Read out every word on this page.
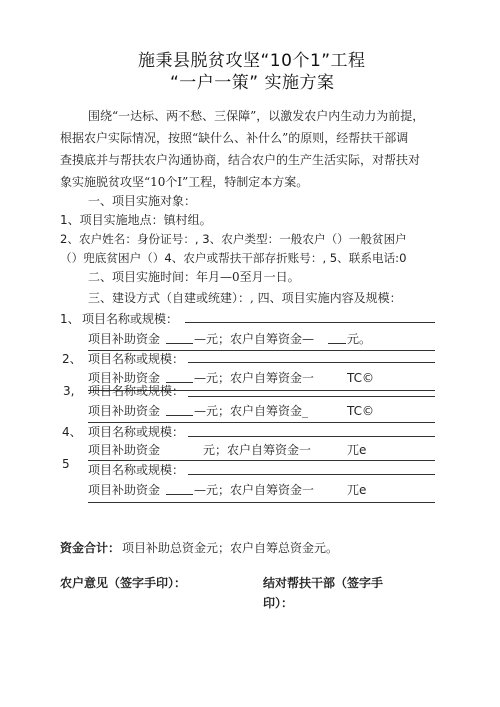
施秉县脱贫攻坚“10个1”工程
“一户一策” 实施方案
围绕“一达标、两不愁、三保障”，以激发农户内生动力为前提，
根据农户实际情况，按照“缺什么、补什么”的原则，经帮扶干部调
查摸底并与帮扶农户沟通协商，结合农户的生产生活实际，对帮扶对
象实施脱贫攻坚“10个I”工程，特制定本方案。
一、项目实施对象：
1、项目实施地点：镇村组。
2、农户姓名：身份证号：, 3、农户类型：一般农户（）一般贫困户
（）兜底贫困户（）4、农户或帮扶干部存折账号：, 5、联系电话:0
二、项目实施时间：年月—0至月一日。
三、建设方式（自建或统建）：, 四、项目实施内容及规模：
1、 项目名称或规模：
项目补助资金	—元；农户自筹资金—	元。
2、 项目名称或规模：
项目补助资金	—元；农户自筹资金一	TC©
3, 项目名称或规模：
项目补助资金	—元；农户自筹资金_	TC©
4、 项目名称或规模：
项目补助资金	元；农户自筹资金一	兀e
5 项目名称或规模：
项目补助资金	—元；农户自筹资金一	兀e
资金合计： 项目补助总资金元；农户自筹总资金元。
农户意见（签字手印）：	结对帮扶干部（签字手
印）：
